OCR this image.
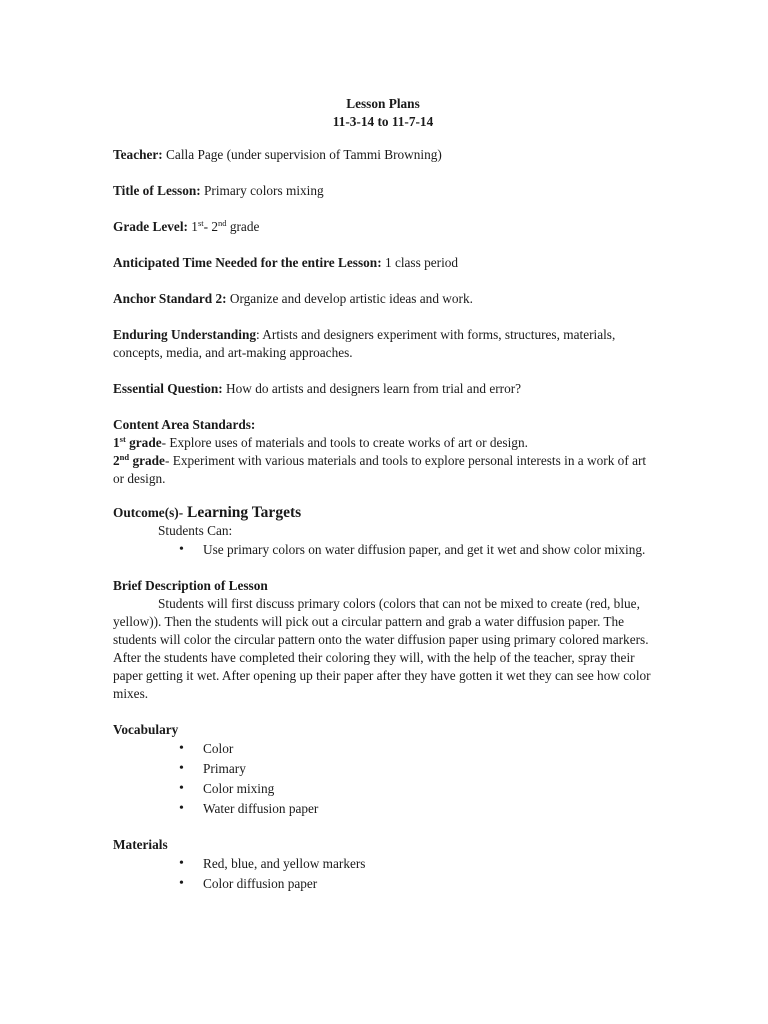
Lesson Plans
11-3-14 to 11-7-14

Teacher: Calla Page (under supervision of Tammi Browning)

Title of Lesson: Primary colors mixing

Grade Level: 1st- 2nd grade

Anticipated Time Needed for the entire Lesson: 1 class period

Anchor Standard 2: Organize and develop artistic ideas and work.

Enduring Understanding: Artists and designers experiment with forms, structures, materials, concepts, media, and art-making approaches.

Essential Question: How do artists and designers learn from trial and error?

Content Area Standards:

1st grade- Explore uses of materials and tools to create works of art or design.

2nd grade- Experiment with various materials and tools to explore personal interests in a work of art or design.

Outcome(s)- Learning Targets
Students Can:
• Use primary colors on water diffusion paper, and get it wet and show color mixing.
Brief Description of Lesson

Students will first discuss primary colors (colors that can not be mixed to create (red, blue, yellow)). Then the students will pick out a circular pattern and grab a water diffusion paper. The students will color the circular pattern onto the water diffusion paper using primary colored markers. After the students have completed their coloring they will, with the help of the teacher, spray their paper getting it wet. After opening up their paper after they have gotten it wet they can see how color mixes.

Vocabulary
• Color
• Primary
• Color mixing
• Water diffusion paper
Materials
• Red, blue, and yellow markers
• Color diffusion paper
